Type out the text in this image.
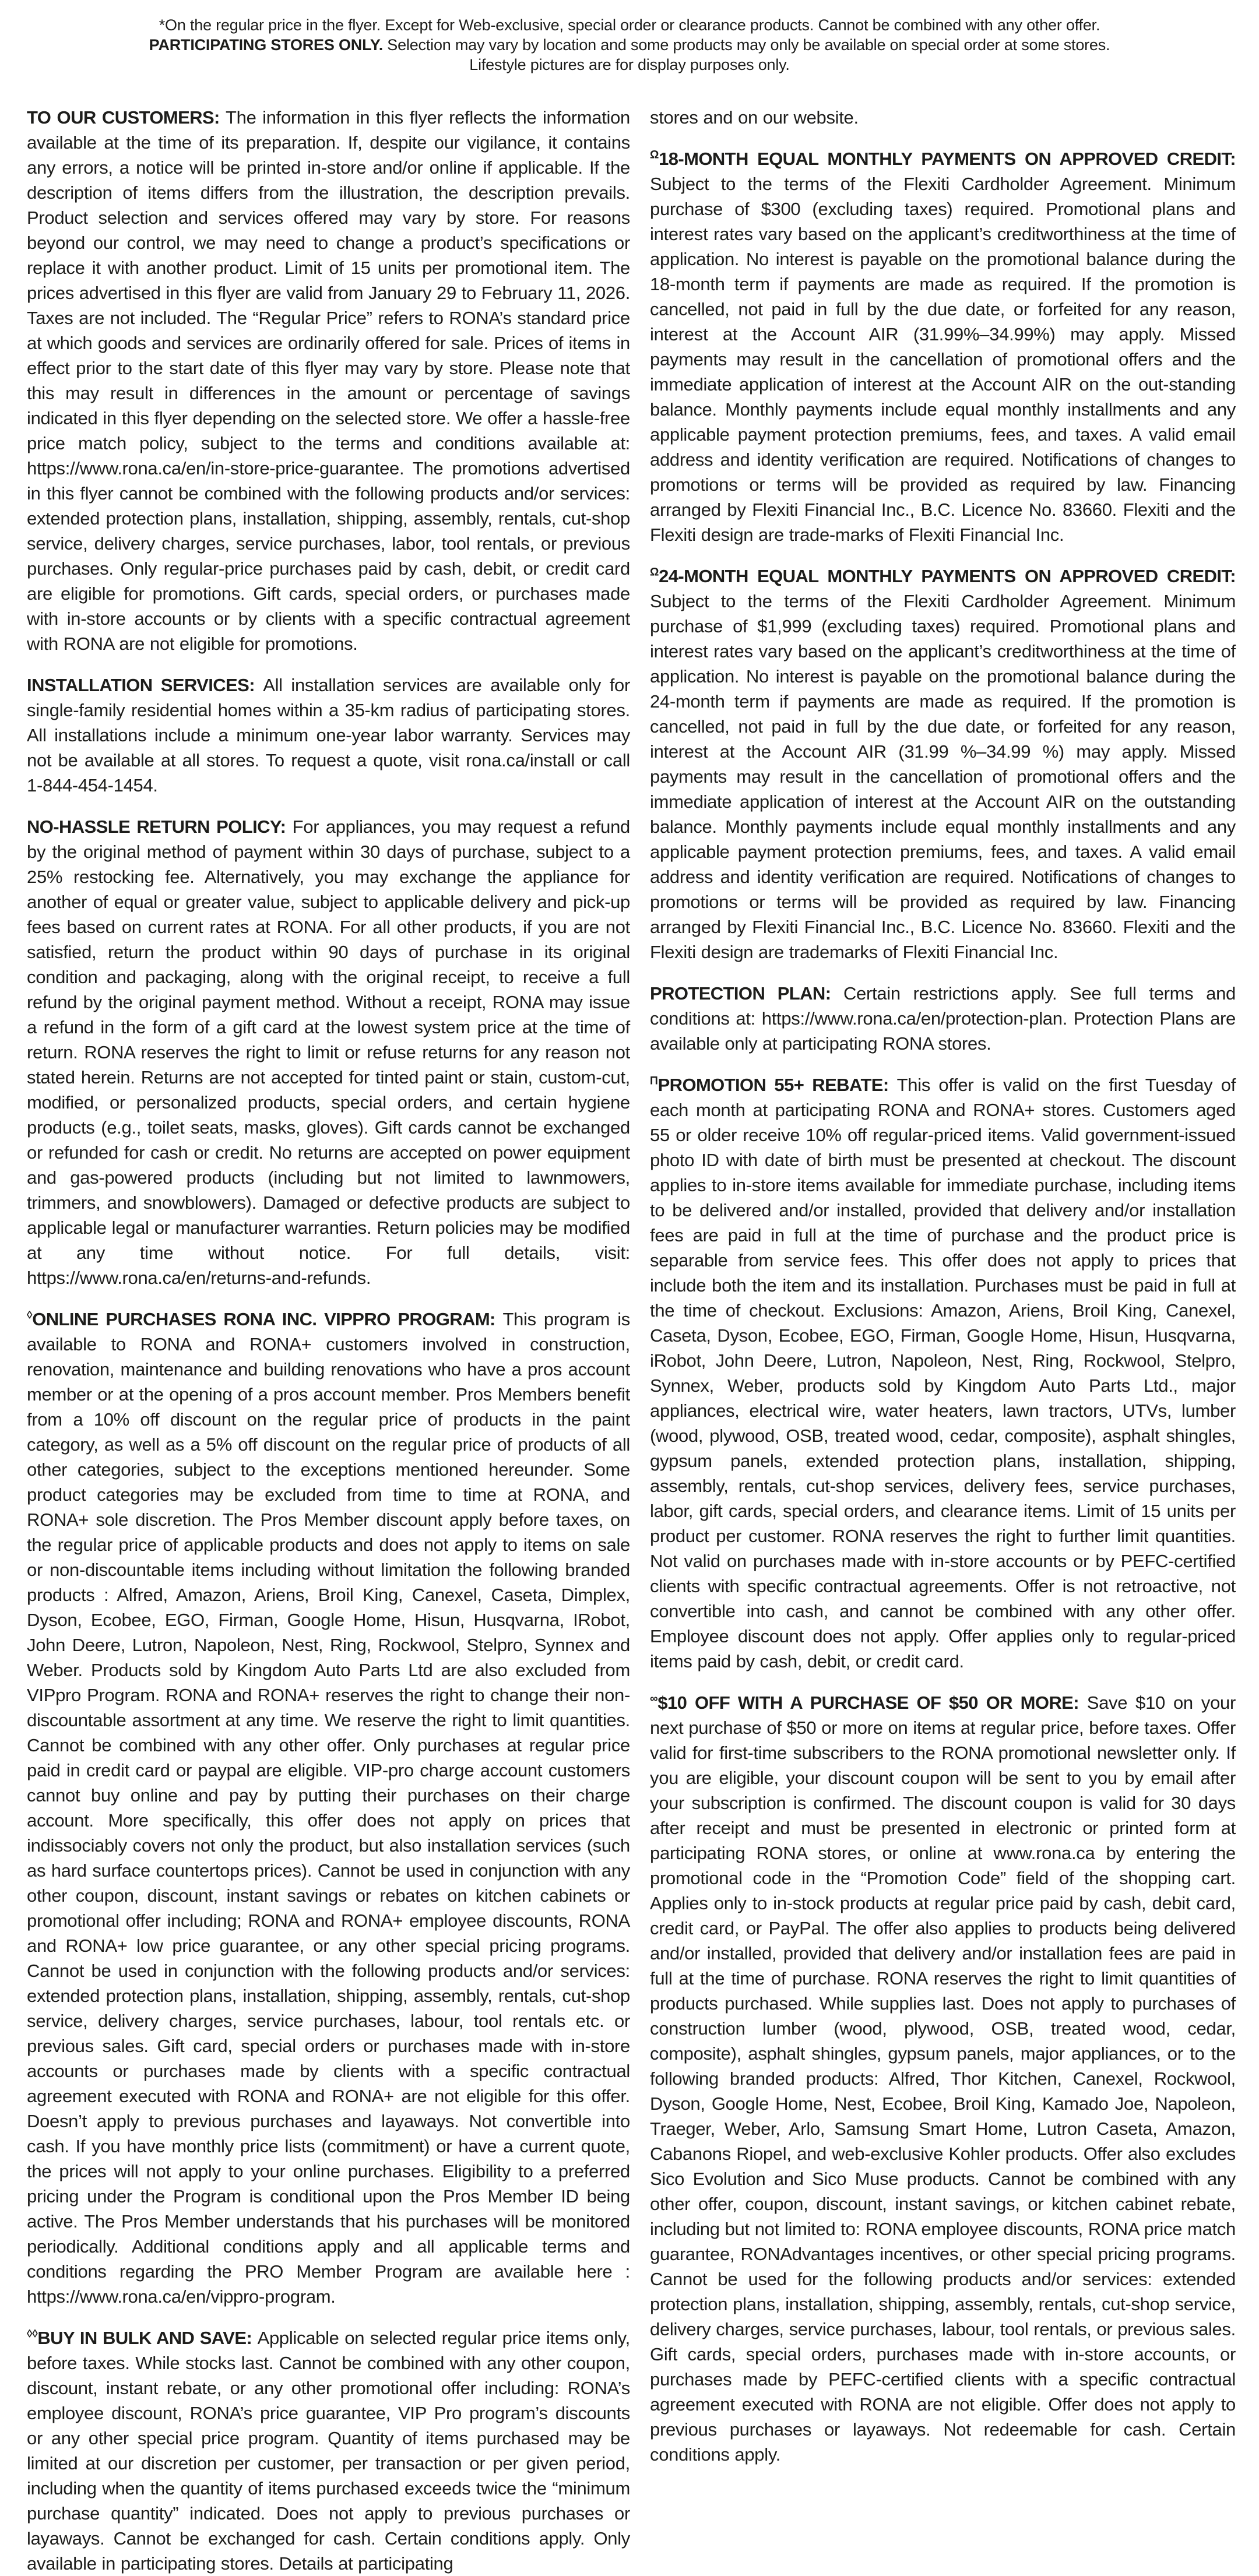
*On the regular price in the flyer. Except for Web-exclusive, special order or clearance products. Cannot be combined with any other offer.

PARTICIPATING STORES ONLY. Selection may vary by location and some products may only be available on special order at some stores.

Lifestyle pictures are for display purposes only.

TO OUR CUSTOMERS: The information in this flyer reflects the information available at the time of its preparation. If, despite our vigilance, it contains any errors, a notice will be printed in-store and/or online if applicable. If the description of items differs from the illustration, the description prevails. Product selection and services offered may vary by store. For reasons beyond our control, we may need to change a product’s specifications or replace it with another product. Limit of 15 units per promotional item. The prices advertised in this flyer are valid from January 29 to February 11, 2026. Taxes are not included. The “Regular Price” refers to RONA’s standard price at which goods and services are ordinarily offered for sale. Prices of items in effect prior to the start date of this flyer may vary by store. Please note that this may result in differences in the amount or percentage of savings indicated in this flyer depending on the selected store. We offer a hassle-free price match policy, subject to the terms and conditions available at: https://www.rona.ca/en/in-store-price-guarantee. The promotions advertised in this flyer cannot be combined with the following products and/or services: extended protection plans, installation, shipping, assembly, rentals, cut-shop service, delivery charges, service purchases, labor, tool rentals, or previous purchases. Only regular-price purchases paid by cash, debit, or credit card are eligible for promotions. Gift cards, special orders, or purchases made with in-store accounts or by clients with a specific contractual agreement with RONA are not eligible for promotions.

INSTALLATION SERVICES: All installation services are available only for single-family residential homes within a 35-km radius of participating stores. All installations include a minimum one-year labor warranty. Services may not be available at all stores. To request a quote, visit rona.ca/install or call 1-844-454-1454.

NO-HASSLE RETURN POLICY: For appliances, you may request a refund by the original method of payment within 30 days of purchase, subject to a 25% restocking fee. Alternatively, you may exchange the appliance for another of equal or greater value, subject to applicable delivery and pick-up fees based on current rates at RONA. For all other products, if you are not satisfied, return the product within 90 days of purchase in its original condition and packaging, along with the original receipt, to receive a full refund by the original payment method. Without a receipt, RONA may issue a refund in the form of a gift card at the lowest system price at the time of return. RONA reserves the right to limit or refuse returns for any reason not stated herein. Returns are not accepted for tinted paint or stain, custom-cut, modified, or personalized products, special orders, and certain hygiene products (e.g., toilet seats, masks, gloves). Gift cards cannot be exchanged or refunded for cash or credit. No returns are accepted on power equipment and gas-powered products (including but not limited to lawnmowers, trimmers, and snowblowers). Damaged or defective products are subject to applicable legal or manufacturer warranties. Return policies may be modified at any time without notice. For full details, visit: https://www.rona.ca/en/returns-and-refunds.

◊ONLINE PURCHASES RONA INC. VIPPRO PROGRAM: This program is available to RONA and RONA+ customers involved in construction, renovation, maintenance and building renovations who have a pros account member or at the opening of a pros account member. Pros Members benefit from a 10% off discount on the regular price of products in the paint category, as well as a 5% off discount on the regular price of products of all other categories, subject to the exceptions mentioned hereunder. Some product categories may be excluded from time to time at RONA, and RONA+ sole discretion. The Pros Member discount apply before taxes, on the regular price of applicable products and does not apply to items on sale or non-discountable items including without limitation the following branded products : Alfred, Amazon, Ariens, Broil King, Canexel, Caseta, Dimplex, Dyson, Ecobee, EGO, Firman, Google Home, Hisun, Husqvarna, IRobot, John Deere, Lutron, Napoleon, Nest, Ring, Rockwool, Stelpro, Synnex and Weber. Products sold by Kingdom Auto Parts Ltd are also excluded from VIPpro Program. RONA and RONA+ reserves the right to change their non-discountable assortment at any time. We reserve the right to limit quantities. Cannot be combined with any other offer. Only purchases at regular price paid in credit card or paypal are eligible. VIP-pro charge account customers cannot buy online and pay by putting their purchases on their charge account. More specifically, this offer does not apply on prices that indissociably covers not only the product, but also installation services (such as hard surface countertops prices). Cannot be used in conjunction with any other coupon, discount, instant savings or rebates on kitchen cabinets or promotional offer including; RONA and RONA+ employee discounts, RONA and RONA+ low price guarantee, or any other special pricing programs. Cannot be used in conjunction with the following products and/or services: extended protection plans, installation, shipping, assembly, rentals, cut-shop service, delivery charges, service purchases, labour, tool rentals etc. or previous sales. Gift card, special orders or purchases made with in-store accounts or purchases made by clients with a specific contractual agreement executed with RONA and RONA+ are not eligible for this offer. Doesn’t apply to previous purchases and layaways. Not convertible into cash. If you have monthly price lists (commitment) or have a current quote, the prices will not apply to your online purchases. Eligibility to a preferred pricing under the Program is conditional upon the Pros Member ID being active. The Pros Member understands that his purchases will be monitored periodically. Additional conditions apply and all applicable terms and conditions regarding the PRO Member Program are available here : https://www.rona.ca/en/vippro-program.

◊◊BUY IN BULK AND SAVE: Applicable on selected regular price items only, before taxes. While stocks last. Cannot be combined with any other coupon, discount, instant rebate, or any other promotional offer including: RONA’s employee discount, RONA’s price guarantee, VIP Pro program’s discounts or any other special price program. Quantity of items purchased may be limited at our discretion per customer, per transaction or per given period, including when the quantity of items purchased exceeds twice the “minimum purchase quantity” indicated. Does not apply to previous purchases or layaways. Cannot be exchanged for cash. Certain conditions apply. Only available in participating stores. Details at participating

stores and on our website.

$^\Omega$18-MONTH EQUAL MONTHLY PAYMENTS ON APPROVED CREDIT: Subject to the terms of the Flexiti Cardholder Agreement. Minimum purchase of $300 (excluding taxes) required. Promotional plans and interest rates vary based on the applicant’s creditworthiness at the time of application. No interest is payable on the promotional balance during the 18-month term if payments are made as required. If the promotion is cancelled, not paid in full by the due date, or forfeited for any reason, interest at the Account AIR (31.99%–34.99%) may apply. Missed payments may result in the cancellation of promotional offers and the immediate application of interest at the Account AIR on the out-standing balance. Monthly payments include equal monthly installments and any applicable payment protection premiums, fees, and taxes. A valid email address and identity verification are required. Notifications of changes to promotions or terms will be provided as required by law. Financing arranged by Flexiti Financial Inc., B.C. Licence No. 83660. Flexiti and the Flexiti design are trade-marks of Flexiti Financial Inc.

$^\Omega$24-MONTH EQUAL MONTHLY PAYMENTS ON APPROVED CREDIT: Subject to the terms of the Flexiti Cardholder Agreement. Minimum purchase of $1,999 (excluding taxes) required. Promotional plans and interest rates vary based on the applicant’s creditworthiness at the time of application. No interest is payable on the promotional balance during the 24-month term if payments are made as required. If the promotion is cancelled, not paid in full by the due date, or forfeited for any reason, interest at the Account AIR (31.99 %–34.99 %) may apply. Missed payments may result in the cancellation of promotional offers and the immediate application of interest at the Account AIR on the outstanding balance. Monthly payments include equal monthly installments and any applicable payment protection premiums, fees, and taxes. A valid email address and identity verification are required. Notifications of changes to promotions or terms will be provided as required by law. Financing arranged by Flexiti Financial Inc., B.C. Licence No. 83660. Flexiti and the Flexiti design are trademarks of Flexiti Financial Inc.

PROTECTION PLAN: Certain restrictions apply. See full terms and conditions at: https://www.rona.ca/en/protection-plan. Protection Plans are available only at participating RONA stores.

$^\Pi$PROMOTION 55+ REBATE: This offer is valid on the first Tuesday of each month at participating RONA and RONA+ stores. Customers aged 55 or older receive 10% off regular-priced items. Valid government-issued photo ID with date of birth must be presented at checkout. The discount applies to in-store items available for immediate purchase, including items to be delivered and/or installed, provided that delivery and/or installation fees are paid in full at the time of purchase and the product price is separable from service fees. This offer does not apply to prices that include both the item and its installation. Purchases must be paid in full at the time of checkout. Exclusions: Amazon, Ariens, Broil King, Canexel, Caseta, Dyson, Ecobee, EGO, Firman, Google Home, Hisun, Husqvarna, iRobot, John Deere, Lutron, Napoleon, Nest, Ring, Rockwool, Stelpro, Synnex, Weber, products sold by Kingdom Auto Parts Ltd., major appliances, electrical wire, water heaters, lawn tractors, UTVs, lumber (wood, plywood, OSB, treated wood, cedar, composite), asphalt shingles, gypsum panels, extended protection plans, installation, shipping, assembly, rentals, cut-shop services, delivery fees, service purchases, labor, gift cards, special orders, and clearance items. Limit of 15 units per product per customer. RONA reserves the right to further limit quantities. Not valid on purchases made with in-store accounts or by PEFC-certified clients with specific contractual agreements. Offer is not retroactive, not convertible into cash, and cannot be combined with any other offer. Employee discount does not apply. Offer applies only to regular-priced items paid by cash, debit, or credit card.

∞$10 OFF WITH A PURCHASE OF $50 OR MORE: Save $10 on your next purchase of $50 or more on items at regular price, before taxes. Offer valid for first-time subscribers to the RONA promotional newsletter only. If you are eligible, your discount coupon will be sent to you by email after your subscription is confirmed. The discount coupon is valid for 30 days after receipt and must be presented in electronic or printed form at participating RONA stores, or online at www.rona.ca by entering the promotional code in the “Promotion Code” field of the shopping cart. Applies only to in-stock products at regular price paid by cash, debit card, credit card, or PayPal. The offer also applies to products being delivered and/or installed, provided that delivery and/or installation fees are paid in full at the time of purchase. RONA reserves the right to limit quantities of products purchased. While supplies last. Does not apply to purchases of construction lumber (wood, plywood, OSB, treated wood, cedar, composite), asphalt shingles, gypsum panels, major appliances, or to the following branded products: Alfred, Thor Kitchen, Canexel, Rockwool, Dyson, Google Home, Nest, Ecobee, Broil King, Kamado Joe, Napoleon, Traeger, Weber, Arlo, Samsung Smart Home, Lutron Caseta, Amazon, Cabanons Riopel, and web-exclusive Kohler products. Offer also excludes Sico Evolution and Sico Muse products. Cannot be combined with any other offer, coupon, discount, instant savings, or kitchen cabinet rebate, including but not limited to: RONA employee discounts, RONA price match guarantee, RONAdvantages incentives, or other special pricing programs. Cannot be used for the following products and/or services: extended protection plans, installation, shipping, assembly, rentals, cut-shop service, delivery charges, service purchases, labour, tool rentals, or previous sales. Gift cards, special orders, purchases made with in-store accounts, or purchases made by PEFC-certified clients with a specific contractual agreement executed with RONA are not eligible. Offer does not apply to previous purchases or layaways. Not redeemable for cash. Certain conditions apply.
